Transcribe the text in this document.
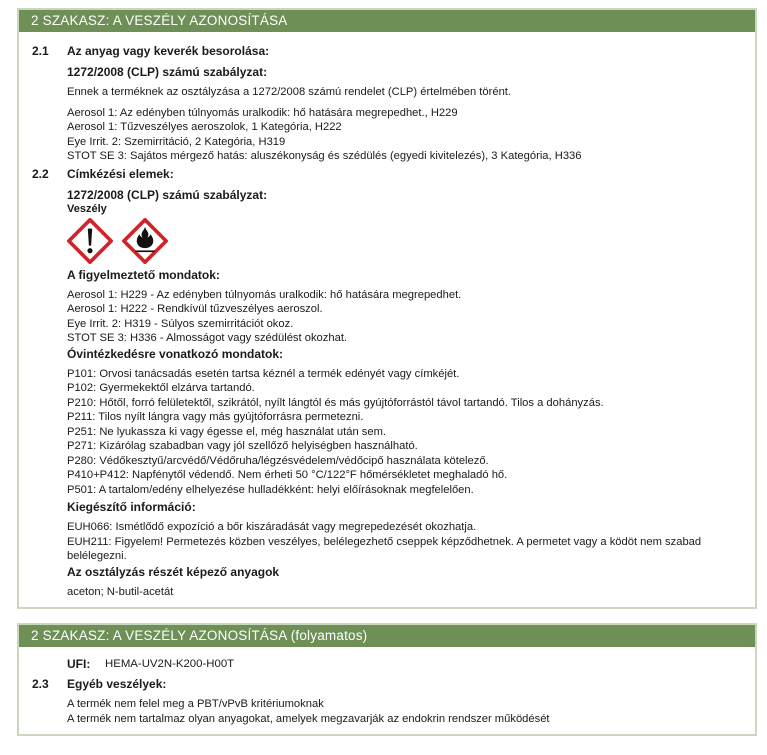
2 SZAKASZ: A VESZÉLY AZONOSÍTÁSA
2.1	Az anyag vagy keverék besorolása:
1272/2008 (CLP) számú szabályzat:
Ennek a terméknek az osztályzása a 1272/2008 számú rendelet (CLP) értelmében törént.
Aerosol 1: Az edényben túlnyomás uralkodik: hő hatására megrepedhet., H229
Aerosol 1: Tűzveszélyes aeroszolok, 1 Kategória, H222
Eye Irrit. 2: Szemirritáció, 2 Kategória, H319
STOT SE 3: Sajátos mérgező hatás: aluszékonyság és szédülés (egyedi kivitelezés), 3 Kategória, H336
2.2	Címkézési elemek:
1272/2008 (CLP) számú szabályzat:
Veszély
A figyelmeztető mondatok:
Aerosol 1: H229 - Az edényben túlnyomás uralkodik: hő hatására megrepedhet.
Aerosol 1: H222 - Rendkívül tűzveszélyes aeroszol.
Eye Irrit. 2: H319 - Súlyos szemirritációt okoz.
STOT SE 3: H336 - Almosságot vagy szédülést okozhat.
Óvintézkedésre vonatkozó mondatok:
P101: Orvosi tanácsadás esetén tartsa kéznél a termék edényét vagy címkéjét.
P102: Gyermekektől elzárva tartandó.
P210: Hőtől, forró felületektől, szikrától, nyílt lángtól és más gyújtóforrástól távol tartandó. Tilos a dohányzás.
P211: Tilos nyílt lángra vagy más gyújtóforrásra permetezni.
P251: Ne lyukassza ki vagy égesse el, még használat után sem.
P271: Kizárólag szabadban vagy jól szellőző helyiségben használható.
P280: Védőkesztyű/arcvédő/Védőruha/légzésvédelem/védőcipő használata kötelező.
P410+P412: Napfénytől védendő. Nem érheti 50 °C/122°F hőmérsékletet meghaladó hő.
P501: A tartalom/edény elhelyezése hulladékként: helyi előírásoknak megfelelően.
Kiegészítő információ:
EUH066: Ismétlődő expozíció a bőr kiszáradását vagy megrepedezését okozhatja.
EUH211: Figyelem! Permetezés közben veszélyes, belélegezhető cseppek képződhetnek. A permetet vagy a ködöt nem szabad belélegezni.
Az osztályzás részét képező anyagok
aceton; N-butil-acetát
2 SZAKASZ: A VESZÉLY AZONOSÍTÁSA (folyamatos)
UFI:	HEMA-UV2N-K200-H00T
2.3	Egyéb veszélyek:
A termék nem felel meg a PBT/vPvB kritériumoknak
A termék nem tartalmaz olyan anyagokat, amelyek megzavarják az endokrin rendszer működését
